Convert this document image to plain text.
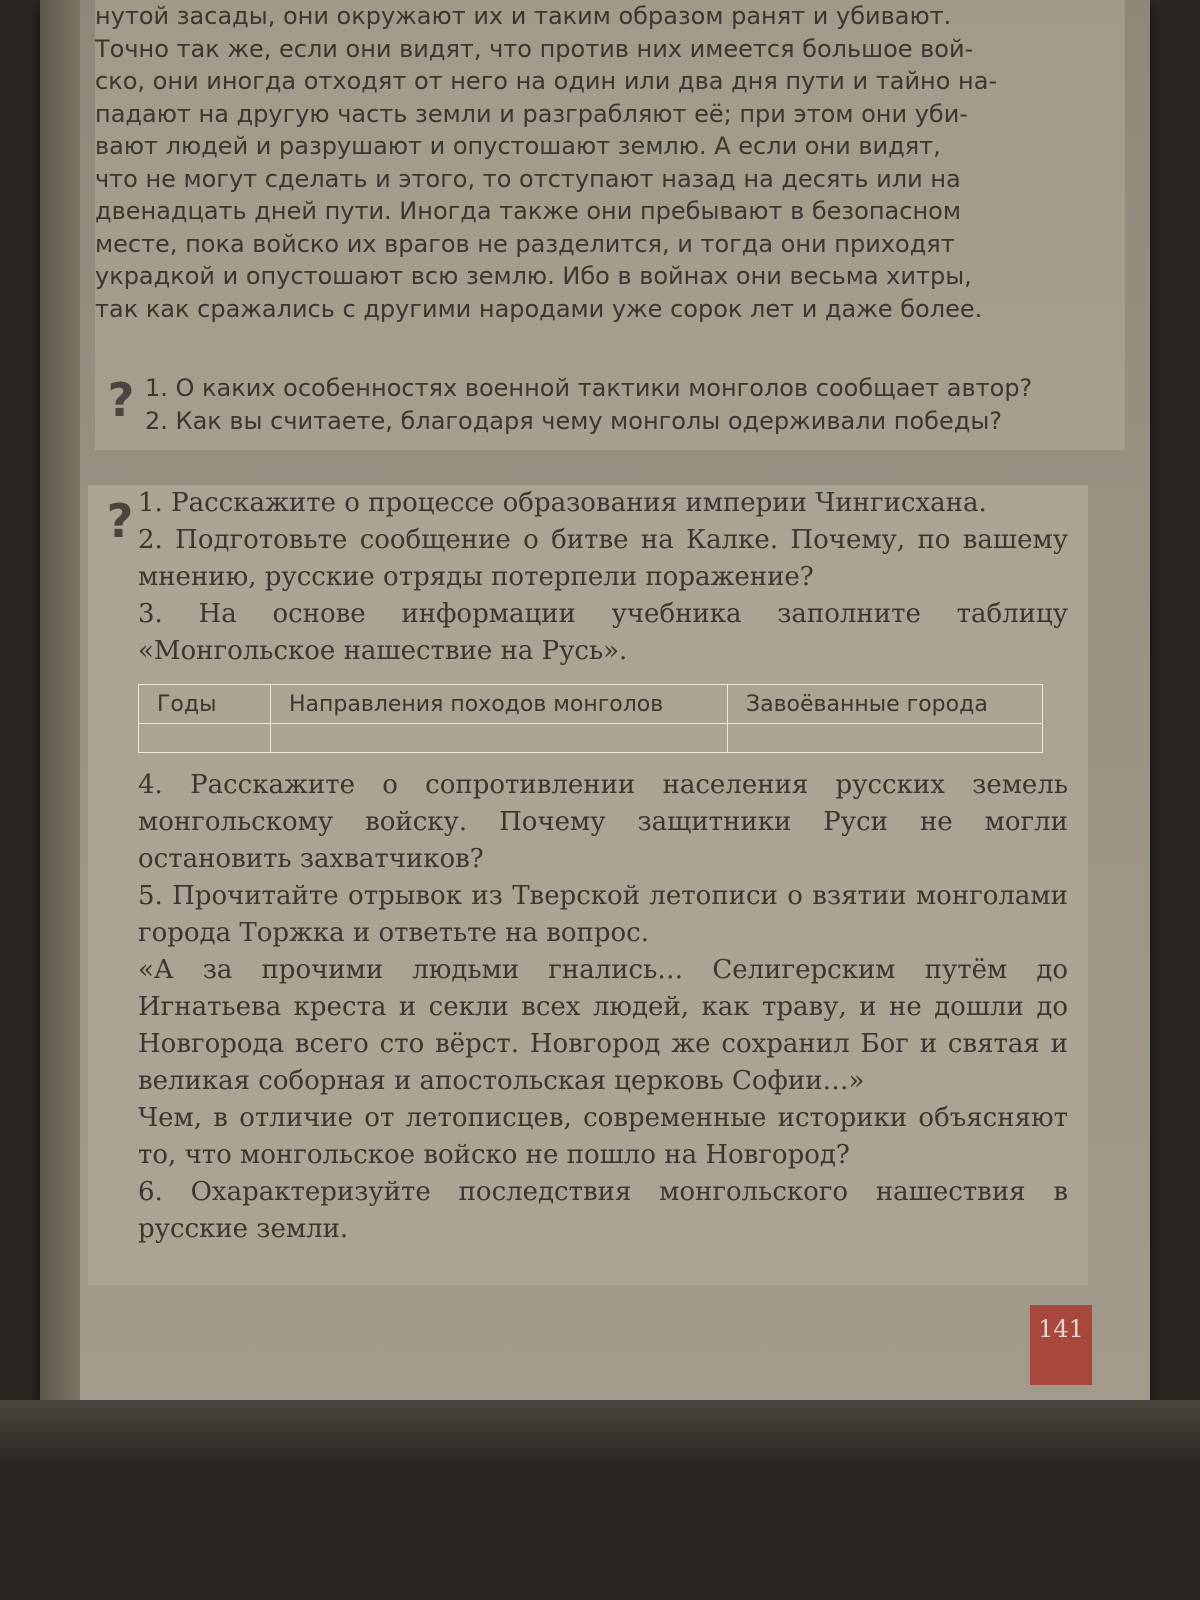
нутой засады, они окружают их и таким образом ранят и убивают.

Точно так же, если они видят, что против них имеется большое вой-

ско, они иногда отходят от него на один или два дня пути и тайно на-

падают на другую часть земли и разграбляют её; при этом они уби-

вают людей и разрушают и опустошают землю. А если они видят,

что не могут сделать и этого, то отступают назад на десять или на

двенадцать дней пути. Иногда также они пребывают в безопасном

месте, пока войско их врагов не разделится, и тогда они приходят

украдкой и опустошают всю землю. Ибо в войнах они весьма хитры,

так как сражались с другими народами уже сорок лет и даже более.

? 1. О каких особенностях военной тактики монголов сообщает автор?

2. Как вы считаете, благодаря чему монголы одерживали победы?

? 1. Расскажите о процессе образования империи Чингисхана.

2. Подготовьте сообщение о битве на Калке. Почему, по вашему мнению, русские отряды потерпели поражение?

3. На основе информации учебника заполните таблицу «Монгольское нашествие на Русь».

Годы	Направления походов монголов	Завоёванные города

4. Расскажите о сопротивлении населения русских земель монгольскому войску. Почему защитники Руси не могли остановить захватчиков?

5. Прочитайте отрывок из Тверской летописи о взятии монголами города Торжка и ответьте на вопрос.

«А за прочими людьми гнались… Селигерским путём до Игнатьева креста и секли всех людей, как траву, и не дошли до Новгорода всего сто вёрст. Новгород же сохранил Бог и святая и великая соборная и апостольская церковь Софии…»

Чем, в отличие от летописцев, современные историки объясняют то, что монгольское войско не пошло на Новгород?

6. Охарактеризуйте последствия монгольского нашествия в русские земли.

141
